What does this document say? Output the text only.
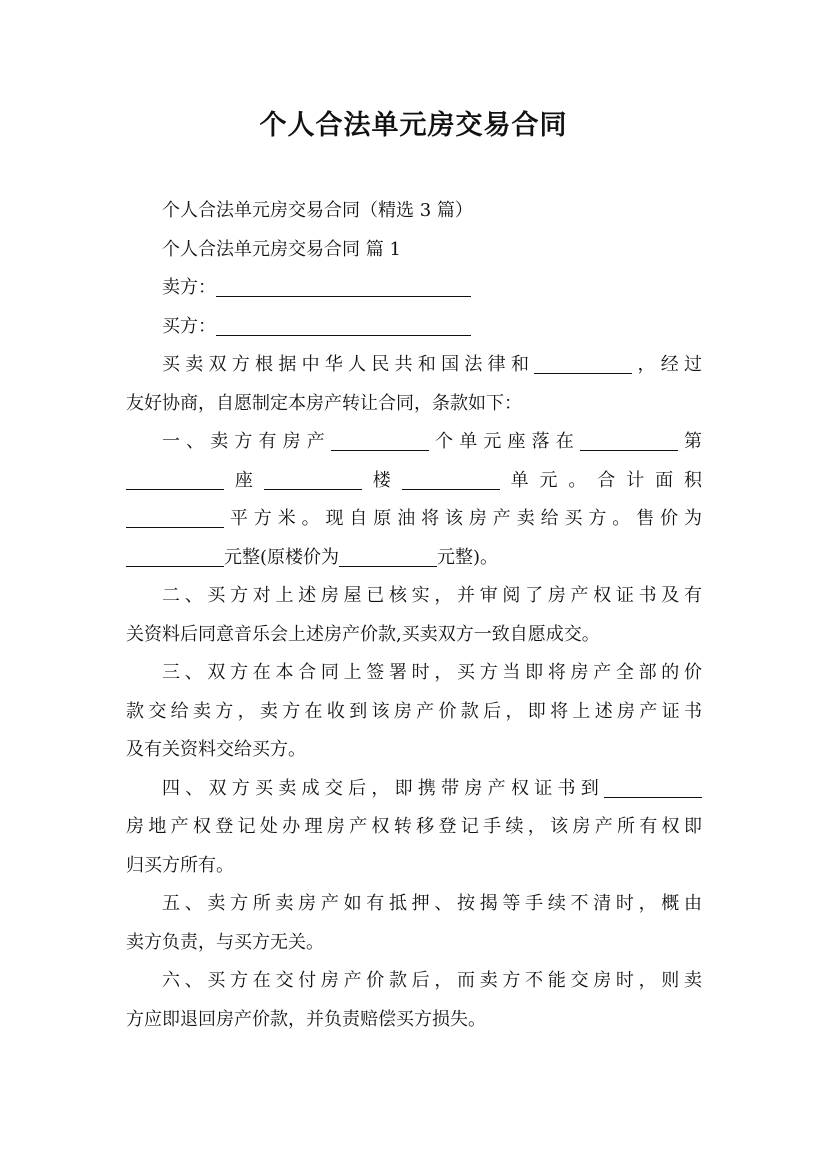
个人合法单元房交易合同
个人合法单元房交易合同（精选 3 篇）
个人合法单元房交易合同 篇 1
卖方：
买方：
买卖双方根据中华人民共和国法律和	，经过
友好协商，自愿制定本房产转让合同，条款如下：
一、卖方有房产	个单元座落在	第
座	楼	单元。合计面积
平方米。现自原油将该房产卖给买方。售价为
元整(原楼价为	元整)。
二、买方对上述房屋已核实，并审阅了房产权证书及有
关资料后同意音乐会上述房产价款,买卖双方一致自愿成交。
三、双方在本合同上签署时，买方当即将房产全部的价
款交给卖方，卖方在收到该房产价款后，即将上述房产证书
及有关资料交给买方。
四、双方买卖成交后，即携带房产权证书到
房地产权登记处办理房产权转移登记手续，该房产所有权即
归买方所有。
五、卖方所卖房产如有抵押、按揭等手续不清时，概由
卖方负责，与买方无关。
六、买方在交付房产价款后，而卖方不能交房时，则卖
方应即退回房产价款，并负责赔偿买方损失。
